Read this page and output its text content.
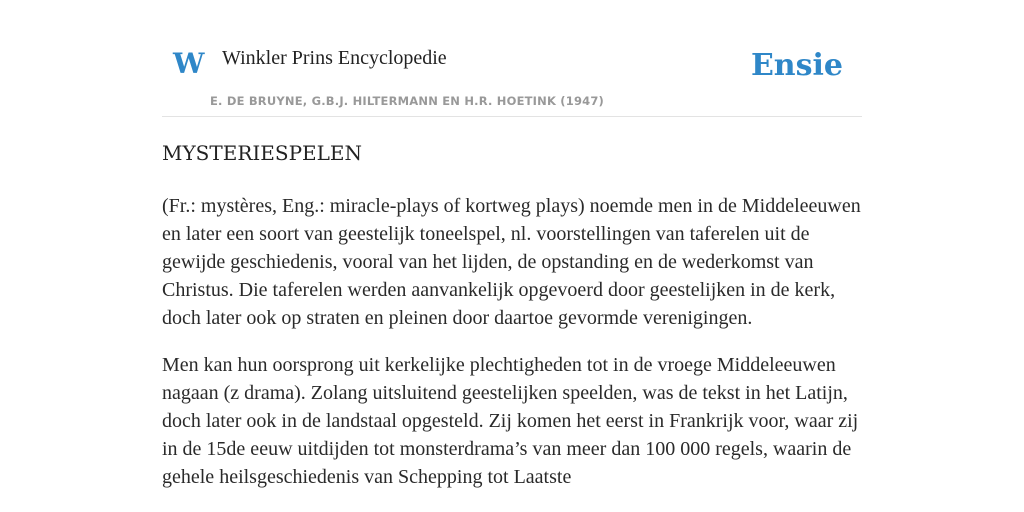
W Winkler Prins Encyclopedie
E. DE BRUYNE, G.B.J. HILTERMANN EN H.R. HOETINK (1947)
Ensie
MYSTERIESPELEN

(Fr.: mystères, Eng.: miracle-plays of kortweg plays) noemde men in de Middeleeuwen en later een soort van geestelijk toneelspel, nl. voorstellingen van taferelen uit de gewijde geschiedenis, vooral van het lijden, de opstanding en de wederkomst van Christus. Die taferelen werden aanvankelijk opgevoerd door geestelijken in de kerk, doch later ook op straten en pleinen door daartoe gevormde verenigingen.

Men kan hun oorsprong uit kerkelijke plechtigheden tot in de vroege Middeleeuwen nagaan (z drama). Zolang uitsluitend geestelijken speelden, was de tekst in het Latijn, doch later ook in de landstaal opgesteld. Zij komen het eerst in Frankrijk voor, waar zij in de 15de eeuw uitdijden tot monsterdrama’s van meer dan 100 000 regels, waarin de gehele heilsgeschiedenis van Schepping tot Laatste
